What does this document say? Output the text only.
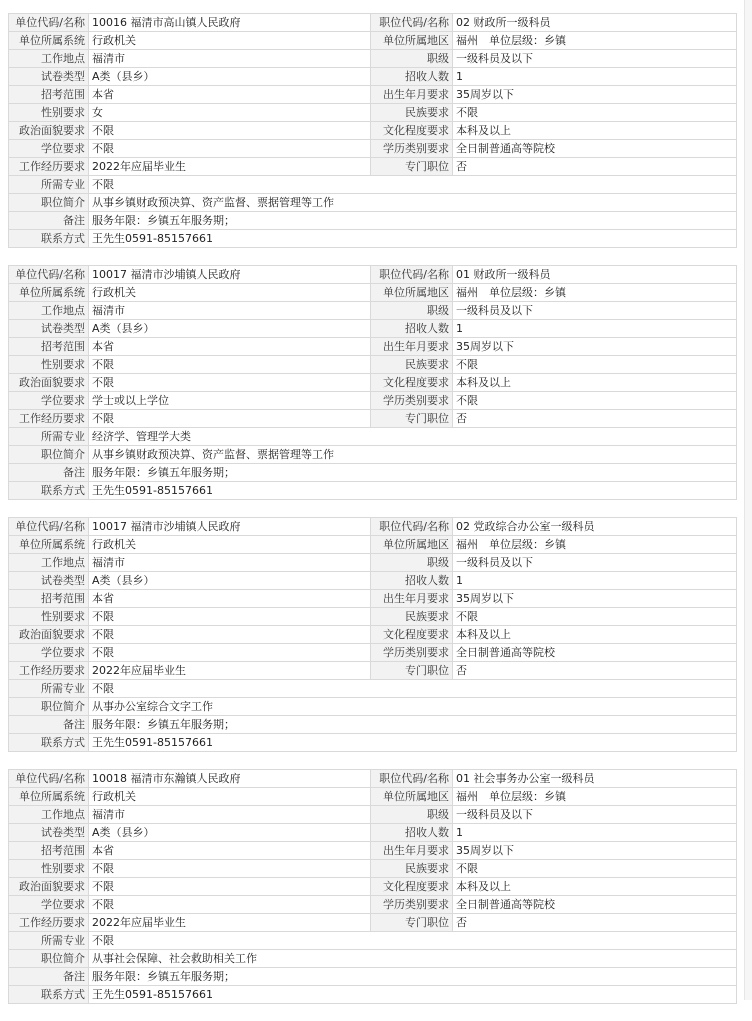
单位代码/名称	10016 福清市高山镇人民政府	职位代码/名称	02 财政所一级科员
单位所属系统	行政机关	单位所属地区	福州　单位层级：乡镇
工作地点	福清市	职级	一级科员及以下
试卷类型	A类（县乡）	招收人数	1
招考范围	本省	出生年月要求	35周岁以下
性别要求	女	民族要求	不限
政治面貌要求	不限	文化程度要求	本科及以上
学位要求	不限	学历类别要求	全日制普通高等院校
工作经历要求	2022年应届毕业生	专门职位	否
所需专业	不限		
职位简介	从事乡镇财政预决算、资产监督、票据管理等工作		
备注	服务年限：乡镇五年服务期；		
联系方式	王先生0591-85157661		
单位代码/名称	10017 福清市沙埔镇人民政府	职位代码/名称	01 财政所一级科员
单位所属系统	行政机关	单位所属地区	福州　单位层级：乡镇
工作地点	福清市	职级	一级科员及以下
试卷类型	A类（县乡）	招收人数	1
招考范围	本省	出生年月要求	35周岁以下
性别要求	不限	民族要求	不限
政治面貌要求	不限	文化程度要求	本科及以上
学位要求	学士或以上学位	学历类别要求	不限
工作经历要求	不限	专门职位	否
所需专业	经济学、管理学大类		
职位简介	从事乡镇财政预决算、资产监督、票据管理等工作		
备注	服务年限：乡镇五年服务期；		
联系方式	王先生0591-85157661		
单位代码/名称	10017 福清市沙埔镇人民政府	职位代码/名称	02 党政综合办公室一级科员
单位所属系统	行政机关	单位所属地区	福州　单位层级：乡镇
工作地点	福清市	职级	一级科员及以下
试卷类型	A类（县乡）	招收人数	1
招考范围	本省	出生年月要求	35周岁以下
性别要求	不限	民族要求	不限
政治面貌要求	不限	文化程度要求	本科及以上
学位要求	不限	学历类别要求	全日制普通高等院校
工作经历要求	2022年应届毕业生	专门职位	否
所需专业	不限		
职位简介	从事办公室综合文字工作		
备注	服务年限：乡镇五年服务期；		
联系方式	王先生0591-85157661		
单位代码/名称	10018 福清市东瀚镇人民政府	职位代码/名称	01 社会事务办公室一级科员
单位所属系统	行政机关	单位所属地区	福州　单位层级：乡镇
工作地点	福清市	职级	一级科员及以下
试卷类型	A类（县乡）	招收人数	1
招考范围	本省	出生年月要求	35周岁以下
性别要求	不限	民族要求	不限
政治面貌要求	不限	文化程度要求	本科及以上
学位要求	不限	学历类别要求	全日制普通高等院校
工作经历要求	2022年应届毕业生	专门职位	否
所需专业	不限		
职位简介	从事社会保障、社会救助相关工作		
备注	服务年限：乡镇五年服务期；		
联系方式	王先生0591-85157661		
